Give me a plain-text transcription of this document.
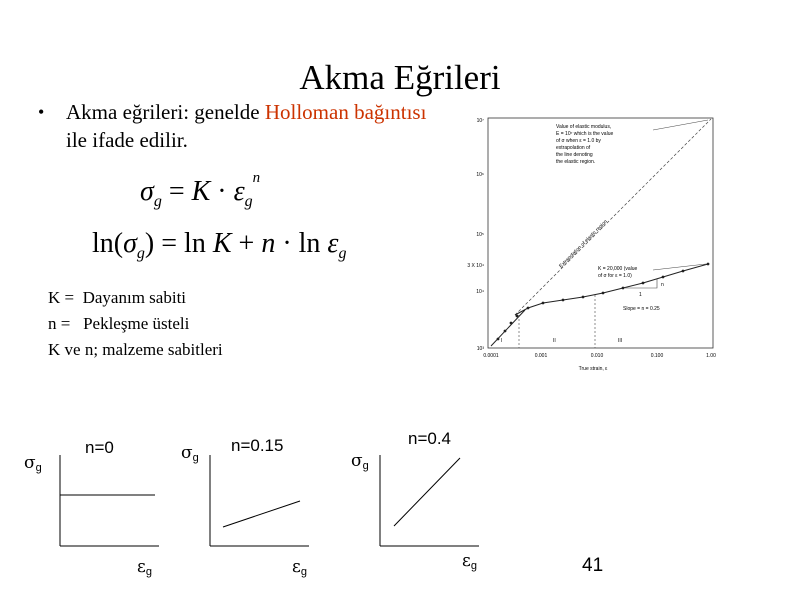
Akma Eğrileri
• Akma eğrileri: genelde Holloman bağıntısı ile ifade edilir.
$\sigma_g = K \cdot \varepsilon_g^n$
$\ln(\sigma_g) = \ln K + n \cdot \ln \varepsilon_g$
K =  Dayanım sabiti
n =   Pekleşme üsteli
K ve n; malzeme sabitleri
10⁷
10⁶
10⁵
3 X 10⁴
10⁴
10³
0.0001	0.001	0.010	0.100	1.00
True strain, ε
I	II	III
Value of elastic modulus, E = 10⁷ which is the value of σ when ε = 1.0 by extrapolation of the line denoting the elastic region.
Extrapolation of elastic region
K = 20,000 (value of σ for ε = 1.0)
n
1
Slope = n = 0.25
$\sigma_g$
n=0
$\varepsilon_g$
$\sigma_g$
n=0.15
$\varepsilon_g$
$\sigma_g$
n=0.4
$\varepsilon_g$	41
